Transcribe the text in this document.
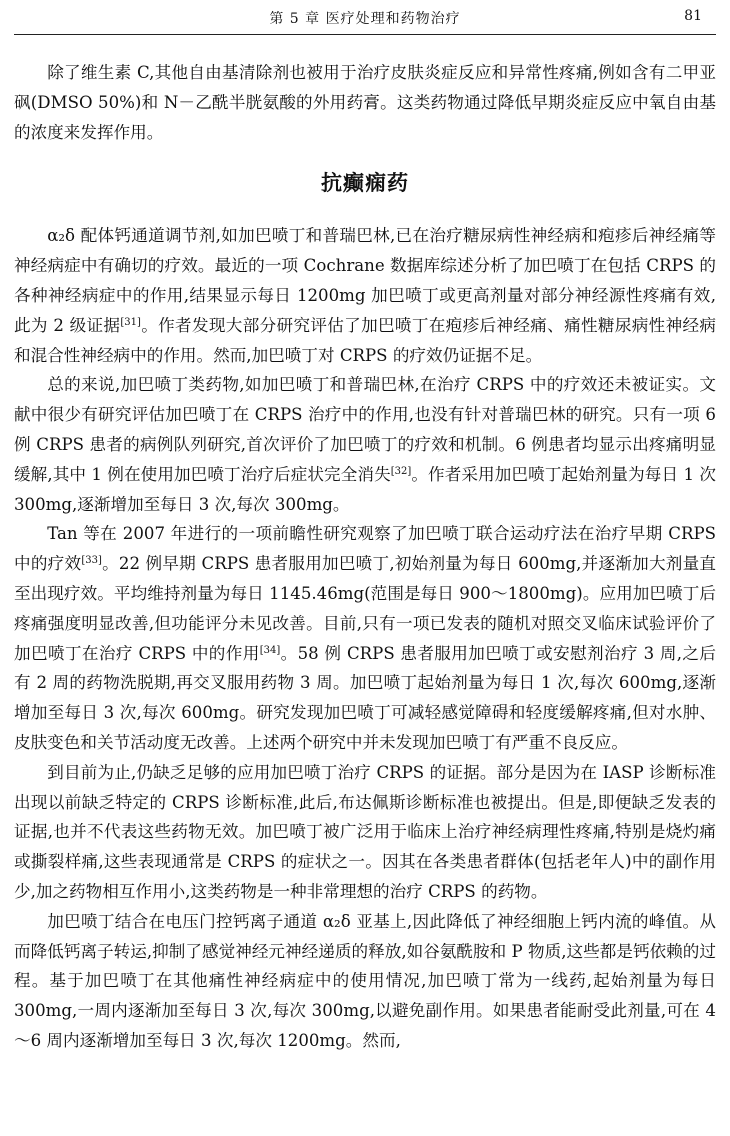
第 5 章 医疗处理和药物治疗	81

除了维生素 C,其他自由基清除剂也被用于治疗皮肤炎症反应和异常性疼痛,例如含有二甲亚砜(DMSO 50%)和 N－乙酰半胱氨酸的外用药膏。这类药物通过降低早期炎症反应中氧自由基的浓度来发挥作用。

抗癫痫药

α₂δ 配体钙通道调节剂,如加巴喷丁和普瑞巴林,已在治疗糖尿病性神经病和疱疹后神经痛等神经病症中有确切的疗效。最近的一项 Cochrane 数据库综述分析了加巴喷丁在包括 CRPS 的各种神经病症中的作用,结果显示每日 1200mg 加巴喷丁或更高剂量对部分神经源性疼痛有效,此为 2 级证据[31]。作者发现大部分研究评估了加巴喷丁在疱疹后神经痛、痛性糖尿病性神经病和混合性神经病中的作用。然而,加巴喷丁对 CRPS 的疗效仍证据不足。

总的来说,加巴喷丁类药物,如加巴喷丁和普瑞巴林,在治疗 CRPS 中的疗效还未被证实。文献中很少有研究评估加巴喷丁在 CRPS 治疗中的作用,也没有针对普瑞巴林的研究。只有一项 6 例 CRPS 患者的病例队列研究,首次评价了加巴喷丁的疗效和机制。6 例患者均显示出疼痛明显缓解,其中 1 例在使用加巴喷丁治疗后症状完全消失[32]。作者采用加巴喷丁起始剂量为每日 1 次 300mg,逐渐增加至每日 3 次,每次 300mg。

Tan 等在 2007 年进行的一项前瞻性研究观察了加巴喷丁联合运动疗法在治疗早期 CRPS 中的疗效[33]。22 例早期 CRPS 患者服用加巴喷丁,初始剂量为每日 600mg,并逐渐加大剂量直至出现疗效。平均维持剂量为每日 1145.46mg(范围是每日 900～1800mg)。应用加巴喷丁后疼痛强度明显改善,但功能评分未见改善。目前,只有一项已发表的随机对照交叉临床试验评价了加巴喷丁在治疗 CRPS 中的作用[34]。58 例 CRPS 患者服用加巴喷丁或安慰剂治疗 3 周,之后有 2 周的药物洗脱期,再交叉服用药物 3 周。加巴喷丁起始剂量为每日 1 次,每次 600mg,逐渐增加至每日 3 次,每次 600mg。研究发现加巴喷丁可减轻感觉障碍和轻度缓解疼痛,但对水肿、皮肤变色和关节活动度无改善。上述两个研究中并未发现加巴喷丁有严重不良反应。

到目前为止,仍缺乏足够的应用加巴喷丁治疗 CRPS 的证据。部分是因为在 IASP 诊断标准出现以前缺乏特定的 CRPS 诊断标准,此后,布达佩斯诊断标准也被提出。但是,即便缺乏发表的证据,也并不代表这些药物无效。加巴喷丁被广泛用于临床上治疗神经病理性疼痛,特别是烧灼痛或撕裂样痛,这些表现通常是 CRPS 的症状之一。因其在各类患者群体(包括老年人)中的副作用少,加之药物相互作用小,这类药物是一种非常理想的治疗 CRPS 的药物。

加巴喷丁结合在电压门控钙离子通道 α₂δ 亚基上,因此降低了神经细胞上钙内流的峰值。从而降低钙离子转运,抑制了感觉神经元神经递质的释放,如谷氨酰胺和 P 物质,这些都是钙依赖的过程。基于加巴喷丁在其他痛性神经病症中的使用情况,加巴喷丁常为一线药,起始剂量为每日 300mg,一周内逐渐加至每日 3 次,每次 300mg,以避免副作用。如果患者能耐受此剂量,可在 4～6 周内逐渐增加至每日 3 次,每次 1200mg。然而,
